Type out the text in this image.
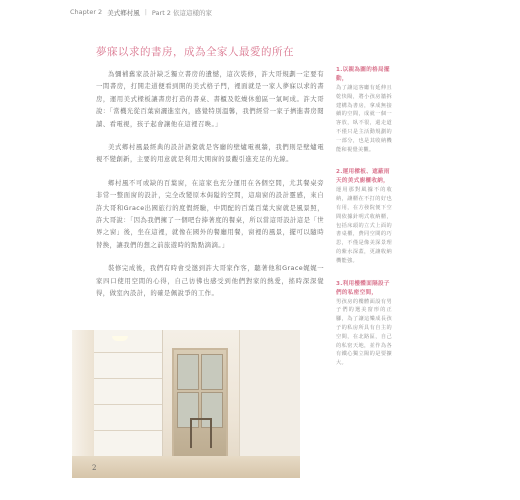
Chapter 2 美式鄉村風 | Part 2 依這這樣的家
夢寐以求的書房，成為全家人最愛的所在

為彌補舊家設計缺乏獨立書房的遺憾，這次裝修，許大哥規劃一定要有一間書房，打開走道便看到開的美式格子門，裡面就是一家人夢寐以求的書房，運用美式樑板讓書房打造的書桌、書櫃及乾燥休憩區一氣呵成。許大哥說：「當機光從百葉窗灑進室內，感覺特別溫馨，我們經常一家子擠進書房閱讀、看電視，孩子起會讓他在這裡召喚。」

美式鄉村風最經典的設計語彙就是客廳的壁爐電視牆，我們則是壁爐電視不變創新，主要的用意就是利用大開窗的景觀引進充足的光線。

鄉村風不可或缺的百葉窗，在這家也充分運用在各個空間，尤其餐桌旁非常一整面窗的設計，完全改變原本侷隘的空間，這扇窗的設計靈感，來自許大哥和Grace出國旅行的度假經驗，中間配的百葉百葉大窗就是風景照，許大哥說：「因為我們擁了一個吧台捧著度的餐桌，所以當這哥設計這是「世界之窗」後，坐在這裡，就像在國外的餐廳用餐，窗裡的風景，擺可以隨時替換，讓我們的想之前旅遊時的點點滴滴。」

裝修完成後，我們有時會受邀到許大哥家作客，聽著他和Grace娓娓一家四口使用空間的心得，自己彷彿也感受到他們對家的熱愛，搖時深深覺得，做室內設計，的確是佩說爭的工作。

1.以親為圖的格局擺動，
為了讓這客廳有延伸且乾快陽，將小孩房牆拆建構為書房，拿成無接續的空間，成就一個一客放，臥不很，還走道不僅只是主活動規劃的一部分，也是其收納機能和視覺美觀。
2.運用樑板、遮蔽雨天的美式廚櫃收納，
運用那對風據不的收納，讓櫃在不打的好也有用，在方發院便下空間依據針明式收納櫃，包括床頭的立式上面的書桌櫃，費同空間的巧思，不僅是像美深景理的紫水深蓋，更讓收納機能強。
3.利用樓體面隔設子們的私密空間，
男孩房的樓體面設有男子們的選美窗形的正腳，為了讓這樂成長孩子的私房所具有自主的空間，在北路區，自己的私密天地，並作為各有鐵心獨立陽的是要擴大。
2
